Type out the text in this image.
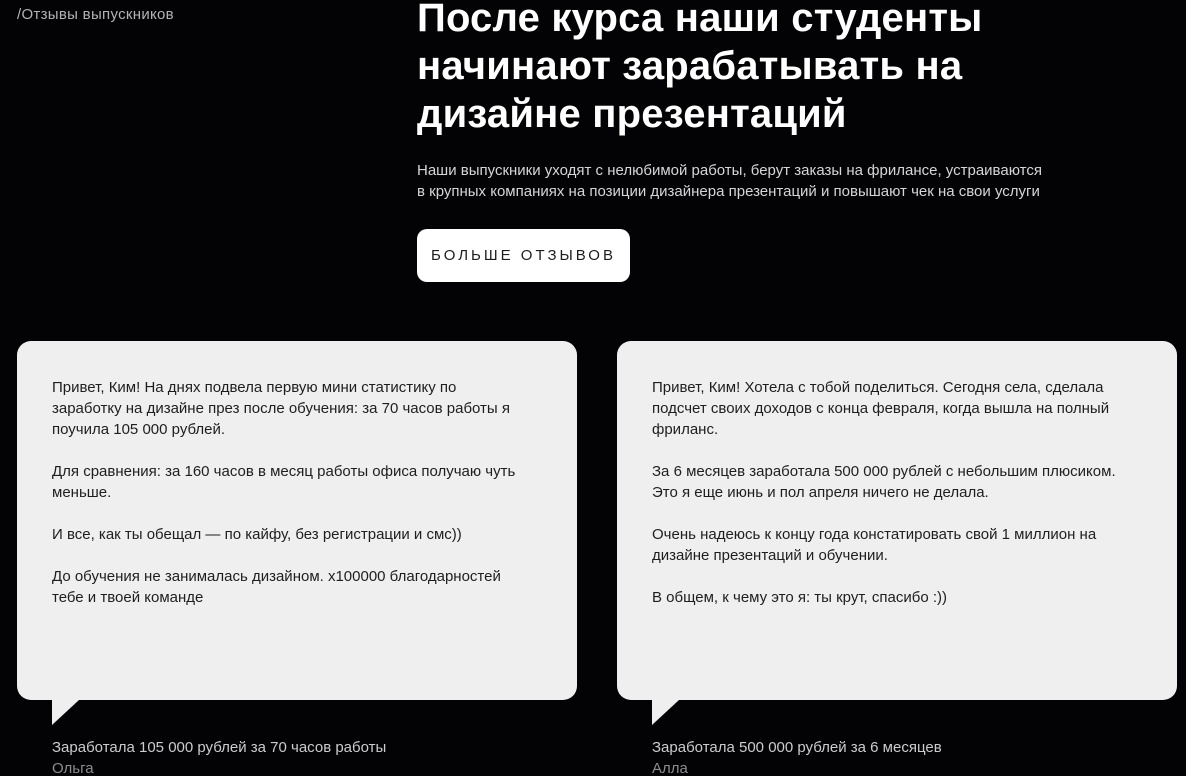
/Отзывы выпускников	После курса наши студенты
начинают зарабатывать на
дизайне презентаций
Наши выпускники уходят с нелюбимой работы, берут заказы на фрилансе, устраиваются
в крупных компаниях на позиции дизайнера презентаций и повышают чек на свои услуги
БОЛЬШЕ ОТЗЫВОВ

Привет, Ким! На днях подвела первую мини статистику по заработку на дизайне през после обучения: за 70 часов работы я поучила 105 000 рублей.

Для сравнения: за 160 часов в месяц работы офиса получаю чуть меньше.

И все, как ты обещал — по кайфу, без регистрации и смс))

До обучения не занималась дизайном. х100000 благодарностей тебе и твоей команде

Заработала 105 000 рублей за 70 часов работы
Ольга

Привет, Ким! Хотела с тобой поделиться. Сегодня села, сделала подсчет своих доходов с конца февраля, когда вышла на полный фриланс.

За 6 месяцев заработала 500 000 рублей с небольшим плюсиком. Это я еще июнь и пол апреля ничего не делала.

Очень надеюсь к концу года констатировать свой 1 миллион на дизайне презентаций и обучении.

В общем, к чему это я: ты крут, спасибо :))

Заработала 500 000 рублей за 6 месяцев
Алла
